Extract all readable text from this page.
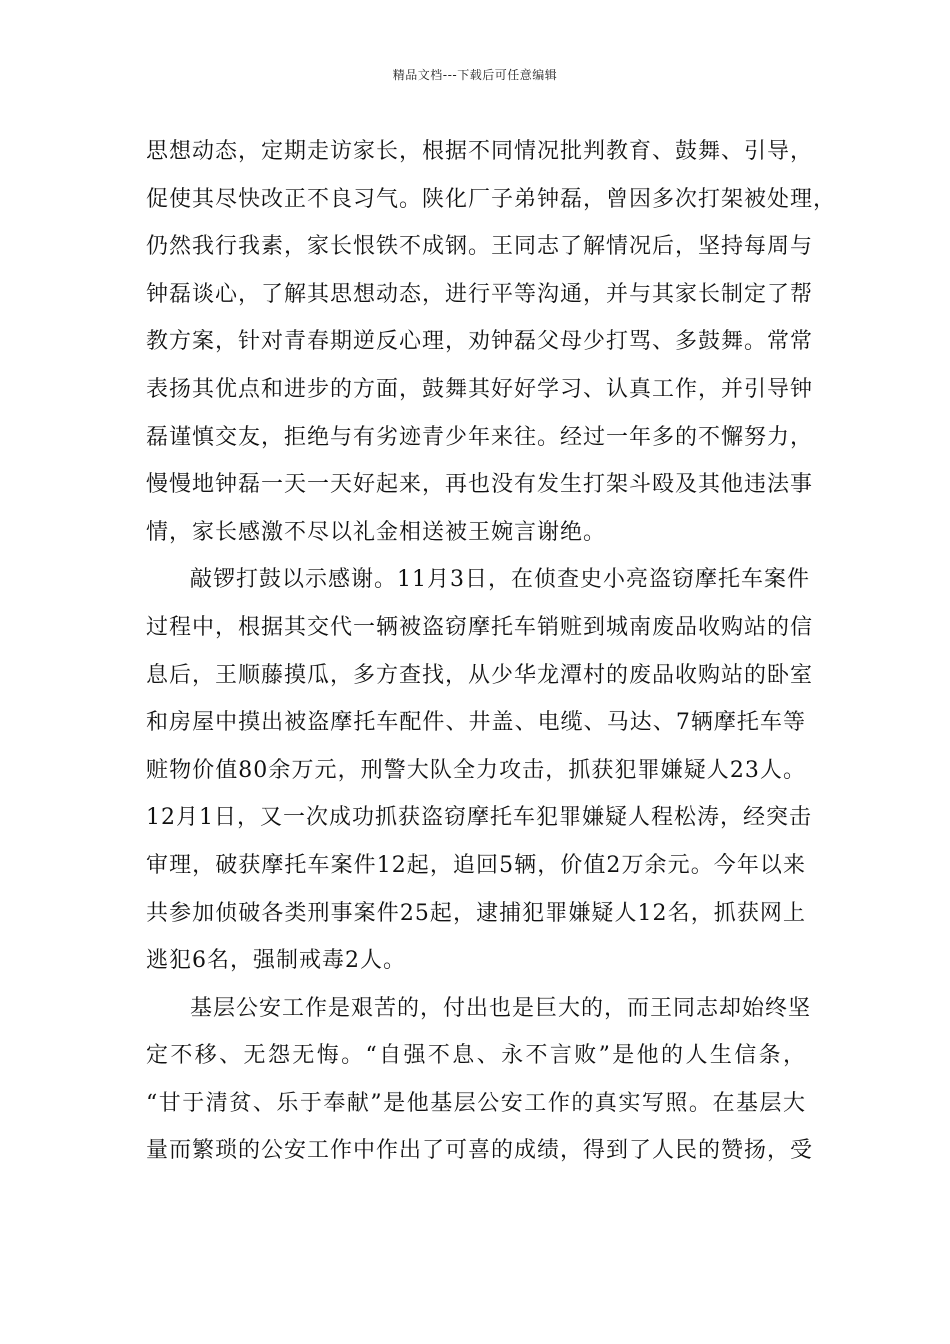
精品文档---下载后可任意编辑
思想动态，定期走访家长，根据不同情况批判教育、鼓舞、引导，
促使其尽快改正不良习气。陕化厂子弟钟磊，曾因多次打架被处理，
仍然我行我素，家长恨铁不成钢。王同志了解情况后，坚持每周与
钟磊谈心，了解其思想动态，进行平等沟通，并与其家长制定了帮
教方案，针对青春期逆反心理，劝钟磊父母少打骂、多鼓舞。常常
表扬其优点和进步的方面，鼓舞其好好学习、认真工作，并引导钟
磊谨慎交友，拒绝与有劣迹青少年来往。经过一年多的不懈努力，
慢慢地钟磊一天一天好起来，再也没有发生打架斗殴及其他违法事
情，家长感激不尽以礼金相送被王婉言谢绝。
敲锣打鼓以示感谢。11月3日，在侦查史小亮盗窃摩托车案件
过程中，根据其交代一辆被盗窃摩托车销赃到城南废品收购站的信
息后，王顺藤摸瓜，多方查找，从少华龙潭村的废品收购站的卧室
和房屋中摸出被盗摩托车配件、井盖、电缆、马达、7辆摩托车等
赃物价值80余万元，刑警大队全力攻击，抓获犯罪嫌疑人23人。
12月1日，又一次成功抓获盗窃摩托车犯罪嫌疑人程松涛，经突击
审理，破获摩托车案件12起，追回5辆，价值2万余元。今年以来
共参加侦破各类刑事案件25起，逮捕犯罪嫌疑人12名，抓获网上
逃犯6名，强制戒毒2人。
基层公安工作是艰苦的，付出也是巨大的，而王同志却始终坚
定不移、无怨无悔。“自强不息、永不言败”是他的人生信条，
“甘于清贫、乐于奉献”是他基层公安工作的真实写照。在基层大
量而繁琐的公安工作中作出了可喜的成绩，得到了人民的赞扬，受
